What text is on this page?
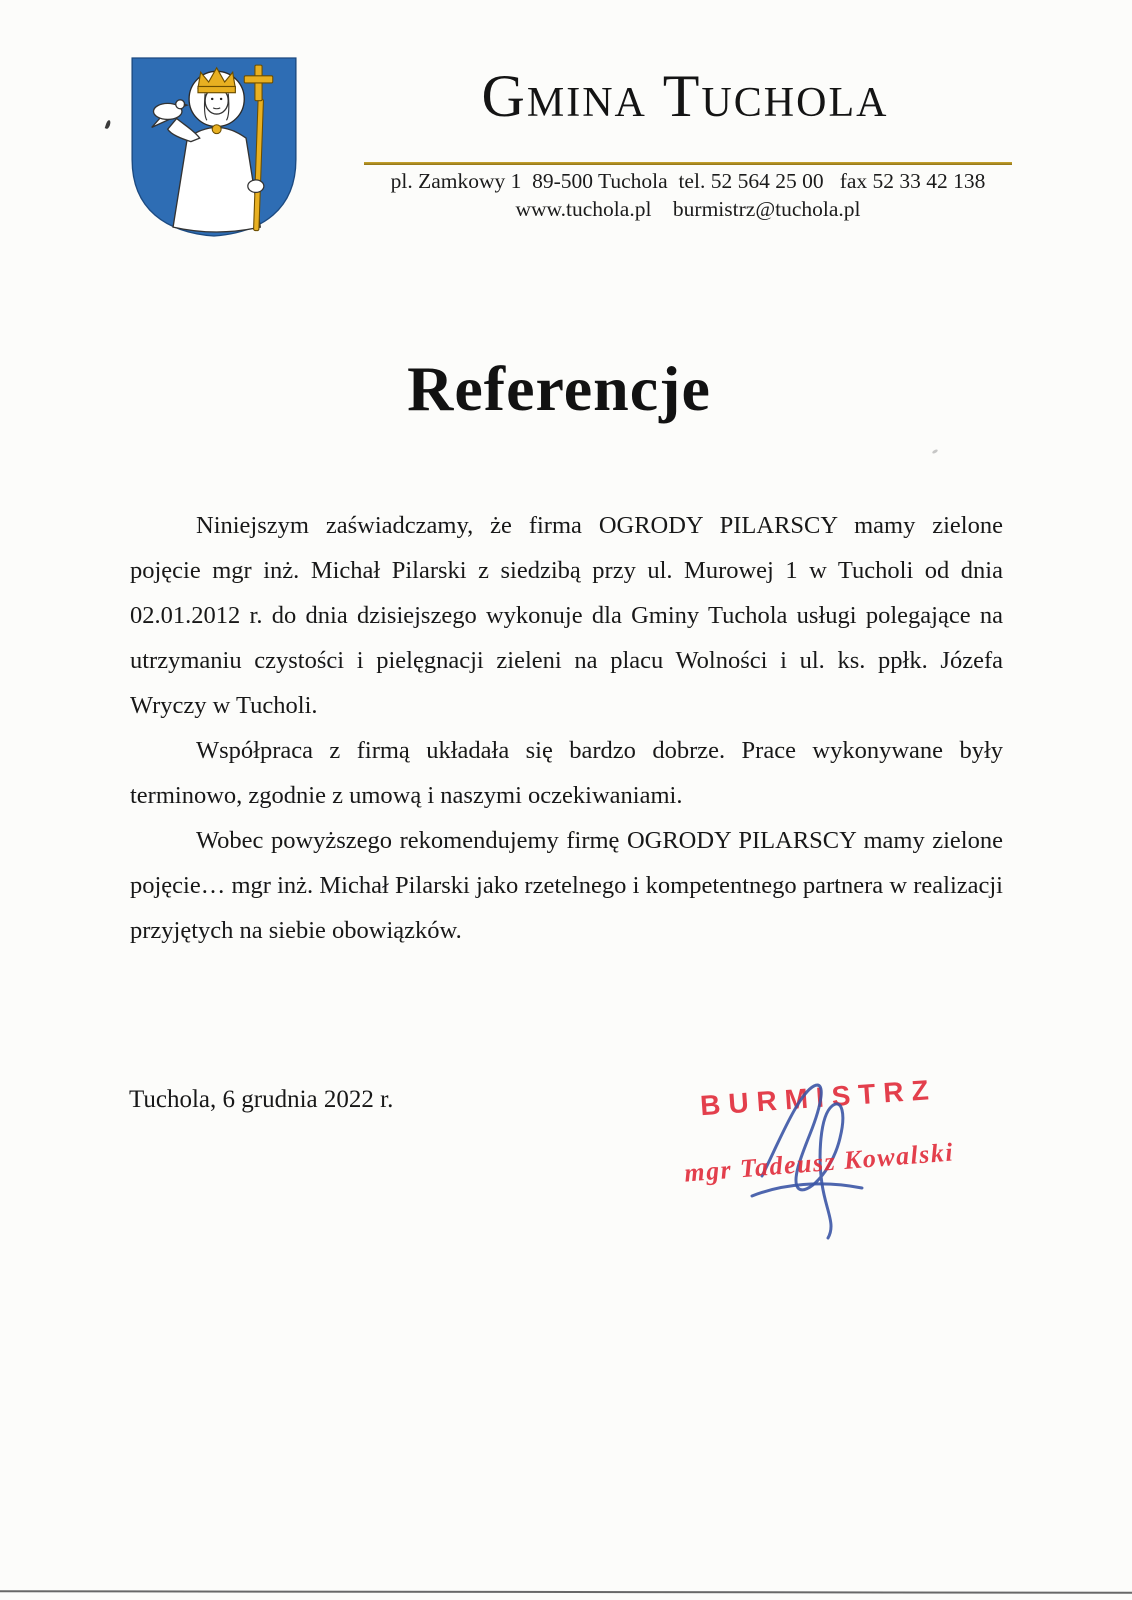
Gmina Tuchola
pl. Zamkowy 1  89-500 Tuchola  tel. 52 564 25 00   fax 52 33 42 138
www.tuchola.pl    burmistrz@tuchola.pl
Referencje

Niniejszym zaświadczamy, że firma OGRODY PILARSCY mamy zielone pojęcie mgr inż. Michał Pilarski z siedzibą przy ul. Murowej 1 w Tucholi od dnia 02.01.2012 r. do dnia dzisiejszego wykonuje dla Gminy Tuchola usługi polegające na utrzymaniu czystości i pielęgnacji zieleni na placu Wolności i ul. ks. ppłk. Józefa Wryczy w Tucholi.

Współpraca z firmą układała się bardzo dobrze. Prace wykonywane były terminowo, zgodnie z umową i naszymi oczekiwaniami.

Wobec powyższego rekomendujemy firmę OGRODY PILARSCY mamy zielone pojęcie… mgr inż. Michał Pilarski jako rzetelnego i kompetentnego partnera w realizacji przyjętych na siebie obowiązków.

Tuchola, 6 grudnia 2022 r.	BURMISTRZ
mgr Tadeusz Kowalski
